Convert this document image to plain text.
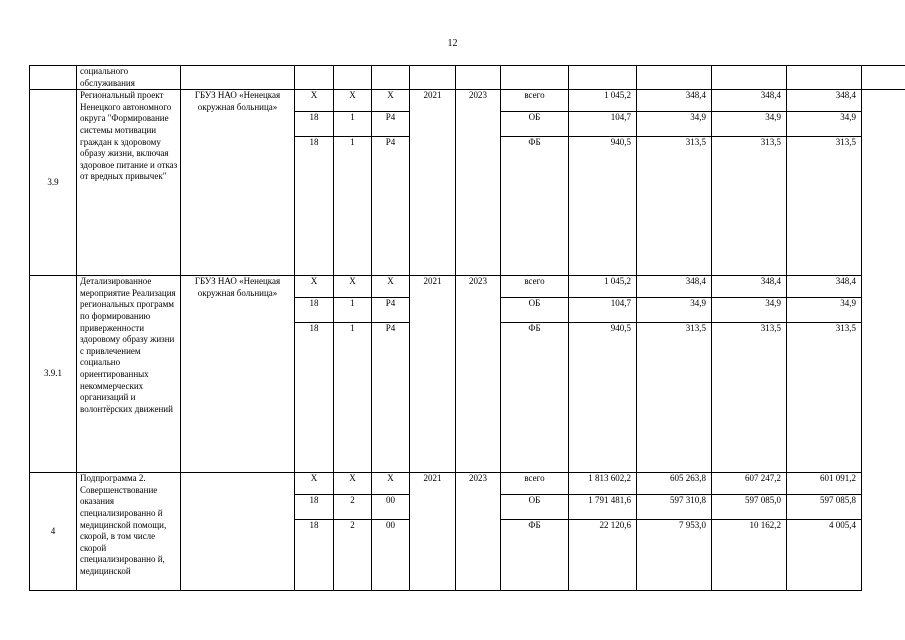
12
	социального обслуживания												
3.9	Региональный проект Ненецкого автономного округа "Формирование системы мотивации граждан к здоровому образу жизни, включая здоровое питание и отказ от вредных привычек"	ГБУЗ НАО «Ненецкая окружная больница»	Х	Х	Х	2021	2023	всего	1 045,2	348,4	348,4	348,4	
			18	1	Р4			ОБ	104,7	34,9	34,9	34,9	
			18	1	Р4			ФБ	940,5	313,5	313,5	313,5	
3.9.1	Детализированное мероприятие Реализация региональных программ по формированию приверженности здоровому образу жизни с привлечением социально ориентированных некоммерческих организаций и волонтёрских движений	ГБУЗ НАО «Ненецкая окружная больница»	Х	Х	Х	2021	2023	всего	1 045,2	348,4	348,4	348,4	
			18	1	Р4			ОБ	104,7	34,9	34,9	34,9	
			18	1	Р4			ФБ	940,5	313,5	313,5	313,5	
4	Подпрограмма 2. Совершенствование оказания специализированно й медицинской помощи, скорой, в том числе скорой специализированно й, медицинской		Х	Х	Х	2021	2023	всего	1 813 602,2	605 263,8	607 247,2	601 091,2	
			18	2	00			ОБ	1 791 481,6	597 310,8	597 085,0	597 085,8	
			18	2	00			ФБ	22 120,6	7 953,0	10 162,2	4 005,4	
